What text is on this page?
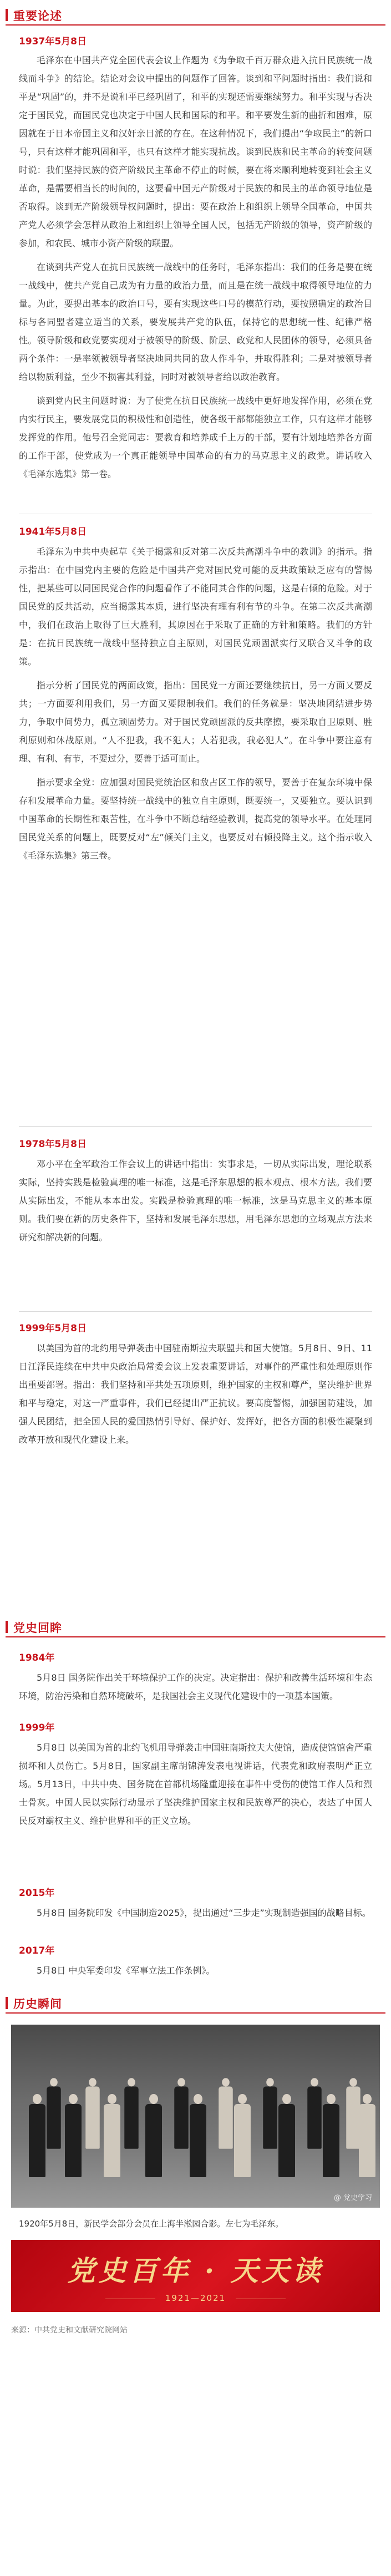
重要论述
1937年5月8日

毛泽东在中国共产党全国代表会议上作题为《为争取千百万群众进入抗日民族统一战线而斗争》的结论。结论对会议中提出的问题作了回答。谈到和平问题时指出：我们说和平是“巩固”的，并不是说和平已经巩固了，和平的实现还需要继续努力。和平实现与否决定于国民党，而国民党也决定于中国人民和国际的和平。和平要发生新的曲折和困难，原因就在于日本帝国主义和汉奸亲日派的存在。在这种情况下，我们提出“争取民主”的新口号，只有这样才能巩固和平，也只有这样才能实现抗战。谈到民族和民主革命的转变问题时说：我们坚持民族的资产阶级民主革命不停止的时候，要在将来顺利地转变到社会主义革命，是需要相当长的时间的，这要看中国无产阶级对于民族的和民主的革命领导地位是否取得。谈到无产阶级领导权问题时，提出：要在政治上和组织上领导全国革命，中国共产党人必须学会怎样从政治上和组织上领导全国人民，包括无产阶级的领导，资产阶级的参加，和农民、城市小资产阶级的联盟。

在谈到共产党人在抗日民族统一战线中的任务时，毛泽东指出：我们的任务是要在统一战线中，使共产党自己成为有力量的政治力量，而且是在统一战线中取得领导地位的力量。为此，要提出基本的政治口号，要有实现这些口号的模范行动，要按照确定的政治目标与各同盟者建立适当的关系，要发展共产党的队伍，保持它的思想统一性、纪律严格性。领导阶级和政党要实现对于被领导的阶级、阶层、政党和人民团体的领导，必须具备两个条件：一是率领被领导者坚决地同共同的敌人作斗争，并取得胜利；二是对被领导者给以物质利益，至少不损害其利益，同时对被领导者给以政治教育。

谈到党内民主问题时说：为了使党在抗日民族统一战线中更好地发挥作用，必须在党内实行民主，要发展党员的积极性和创造性，使各级干部都能独立工作，只有这样才能够发挥党的作用。他号召全党同志：要教育和培养成千上万的干部，要有计划地培养各方面的工作干部，使党成为一个真正能领导中国革命的有力的马克思主义的政党。讲话收入《毛泽东选集》第一卷。

1941年5月8日

毛泽东为中共中央起草《关于揭露和反对第二次反共高潮斗争中的教训》的指示。指示指出：在中国党内主要的危险是中国共产党对国民党可能的反共政策缺乏应有的警惕性，把某些可以同国民党合作的问题看作了不能同其合作的问题，这是右倾的危险。对于国民党的反共活动，应当揭露其本质，进行坚决有理有利有节的斗争。在第二次反共高潮中，我们在政治上取得了巨大胜利，其原因在于采取了正确的方针和策略。我们的方针是：在抗日民族统一战线中坚持独立自主原则，对国民党顽固派实行又联合又斗争的政策。

指示分析了国民党的两面政策，指出：国民党一方面还要继续抗日，另一方面又要反共；一方面要利用我们，另一方面又要限制我们。我们的任务就是：坚决地团结进步势力，争取中间势力，孤立顽固势力。对于国民党顽固派的反共摩擦，要采取自卫原则、胜利原则和休战原则。“人不犯我，我不犯人；人若犯我，我必犯人”。在斗争中要注意有理、有利、有节，不要过分，要善于适可而止。

指示要求全党：应加强对国民党统治区和敌占区工作的领导，要善于在复杂环境中保存和发展革命力量。要坚持统一战线中的独立自主原则，既要统一，又要独立。要认识到中国革命的长期性和艰苦性，在斗争中不断总结经验教训，提高党的领导水平。在处理同国民党关系的问题上，既要反对“左”倾关门主义，也要反对右倾投降主义。这个指示收入《毛泽东选集》第三卷。

1978年5月8日

邓小平在全军政治工作会议上的讲话中指出：实事求是，一切从实际出发，理论联系实际，坚持实践是检验真理的唯一标准，这是毛泽东思想的根本观点、根本方法。我们要从实际出发，不能从本本出发。实践是检验真理的唯一标准，这是马克思主义的基本原则。我们要在新的历史条件下，坚持和发展毛泽东思想，用毛泽东思想的立场观点方法来研究和解决新的问题。

1999年5月8日

以美国为首的北约用导弹袭击中国驻南斯拉夫联盟共和国大使馆。5月8日、9日、11日江泽民连续在中共中央政治局常委会议上发表重要讲话，对事件的严重性和处理原则作出重要部署。指出：我们坚持和平共处五项原则，维护国家的主权和尊严，坚决维护世界和平与稳定，对这一严重事件，我们已经提出严正抗议。要高度警惕，加强国防建设，加强人民团结，把全国人民的爱国热情引导好、保护好、发挥好，把各方面的积极性凝聚到改革开放和现代化建设上来。

党史回眸
1984年
5月8日 国务院作出关于环境保护工作的决定。决定指出：保护和改善生活环境和生态环境，防治污染和自然环境破坏，是我国社会主义现代化建设中的一项基本国策。
1999年
5月8日 以美国为首的北约飞机用导弹袭击中国驻南斯拉夫大使馆，造成使馆馆舍严重损坏和人员伤亡。5月8日，国家副主席胡锦涛发表电视讲话，代表党和政府表明严正立场。5月13日，中共中央、国务院在首都机场隆重迎接在事件中受伤的使馆工作人员和烈士骨灰。中国人民以实际行动显示了坚决维护国家主权和民族尊严的决心，表达了中国人民反对霸权主义、维护世界和平的正义立场。
2015年
5月8日 国务院印发《中国制造2025》，提出通过“三步走”实现制造强国的战略目标。
2017年
5月8日 中央军委印发《军事立法工作条例》。
历史瞬间
@ 党史学习
1920年5月8日，新民学会部分会员在上海半淞园合影。左七为毛泽东。
党史百年 · 天天读
1921—2021
来源：中共党史和文献研究院网站
